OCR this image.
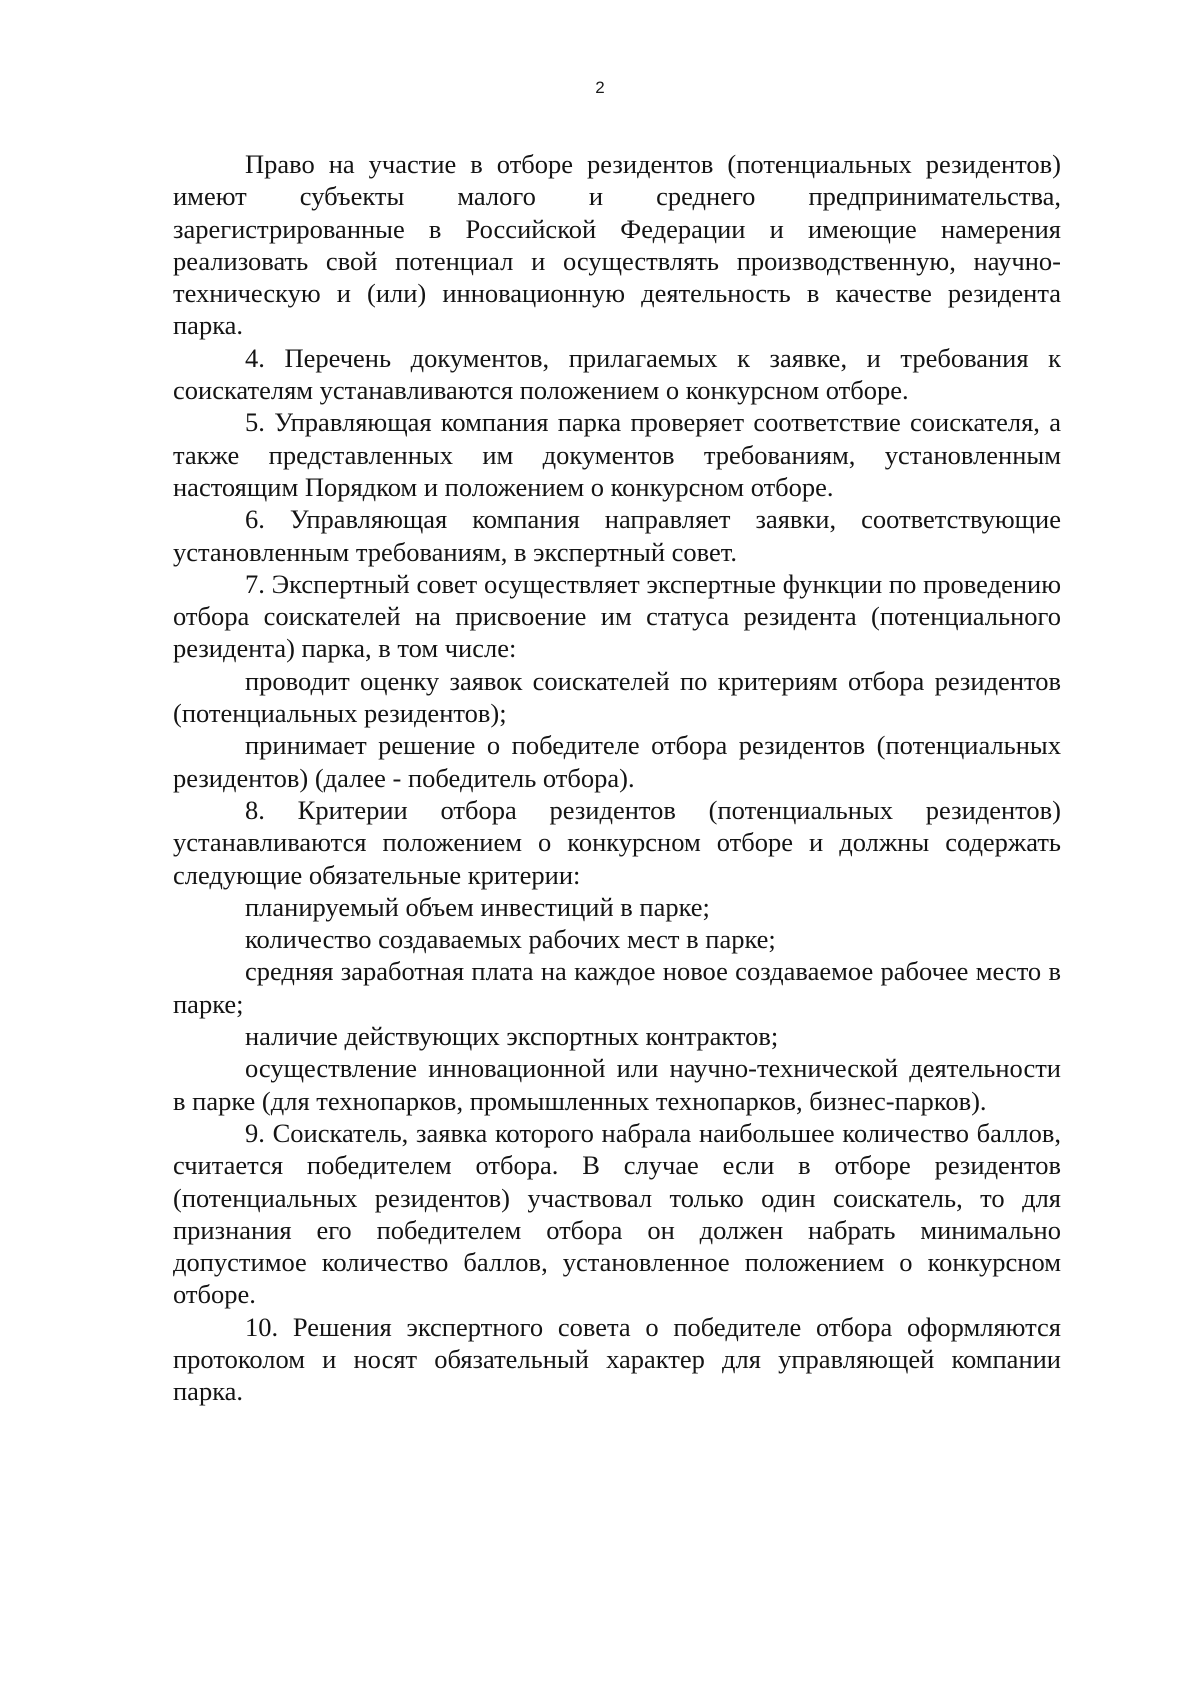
2

Право на участие в отборе резидентов (потенциальных резидентов) имеют субъекты малого и среднего предпринимательства, зарегистрированные в Российской Федерации и имеющие намерения реализовать свой потенциал и осуществлять производственную, научно-техническую и (или) инновационную деятельность в качестве резидента парка.

4. Перечень документов, прилагаемых к заявке, и требования к соискателям устанавливаются положением о конкурсном отборе.

5. Управляющая компания парка проверяет соответствие соискателя, а также представленных им документов требованиям, установленным настоящим Порядком и положением о конкурсном отборе.

6. Управляющая компания направляет заявки, соответствующие установленным требованиям, в экспертный совет.

7. Экспертный совет осуществляет экспертные функции по проведению отбора соискателей на присвоение им статуса резидента (потенциального резидента) парка, в том числе:

проводит оценку заявок соискателей по критериям отбора резидентов (потенциальных резидентов);

принимает решение о победителе отбора резидентов (потенциальных резидентов) (далее - победитель отбора).

8. Критерии отбора резидентов (потенциальных резидентов) устанавливаются положением о конкурсном отборе и должны содержать следующие обязательные критерии:

планируемый объем инвестиций в парке;

количество создаваемых рабочих мест в парке;

средняя заработная плата на каждое новое создаваемое рабочее место в парке;

наличие действующих экспортных контрактов;

осуществление инновационной или научно-технической деятельности в парке (для технопарков, промышленных технопарков, бизнес-парков).

9. Соискатель, заявка которого набрала наибольшее количество баллов, считается победителем отбора. В случае если в отборе резидентов (потенциальных резидентов) участвовал только один соискатель, то для признания его победителем отбора он должен набрать минимально допустимое количество баллов, установленное положением о конкурсном отборе.

10. Решения экспертного совета о победителе отбора оформляются протоколом и носят обязательный характер для управляющей компании парка.
